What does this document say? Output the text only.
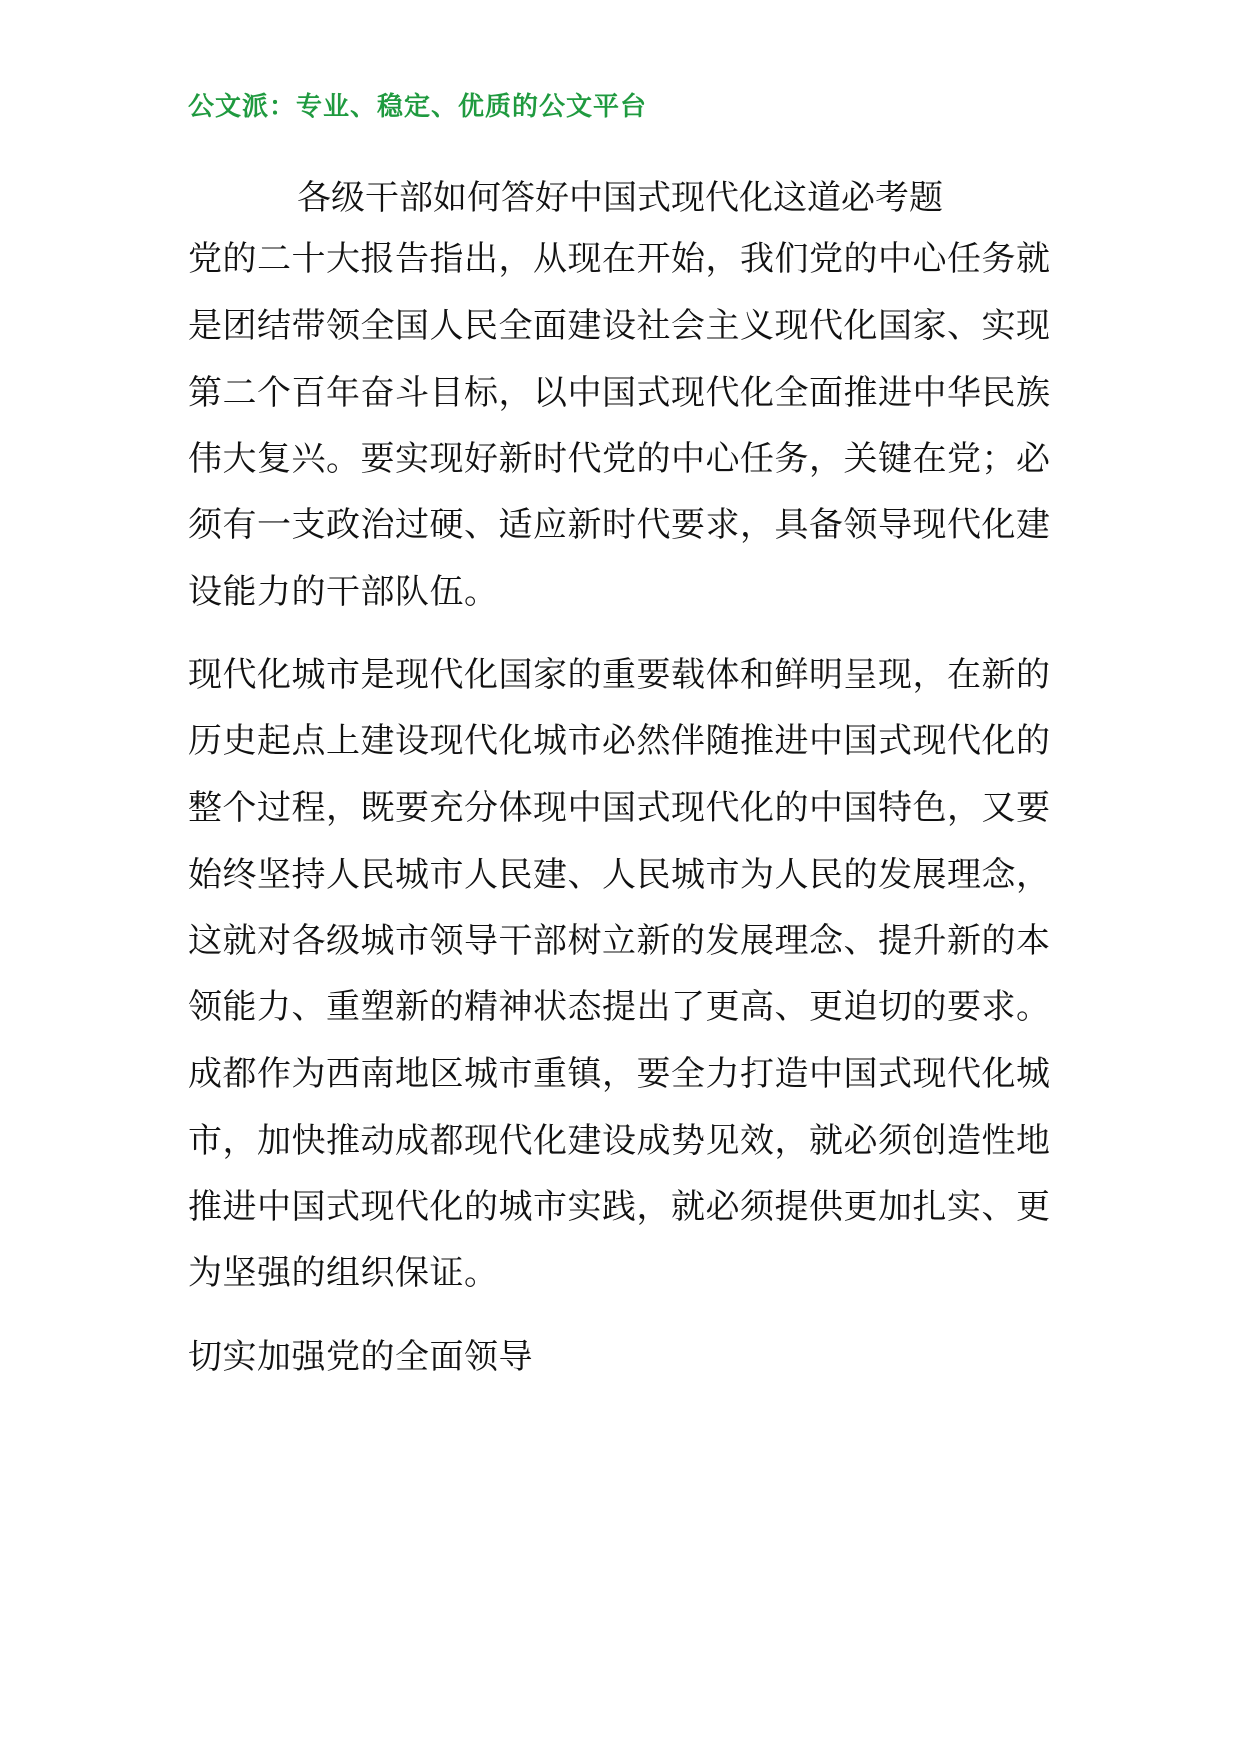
公文派：专业、稳定、优质的公文平台
各级干部如何答好中国式现代化这道必考题
党的二十大报告指出，从现在开始，我们党的中心任务就
是团结带领全国人民全面建设社会主义现代化国家、实现
第二个百年奋斗目标，以中国式现代化全面推进中华民族
伟大复兴。要实现好新时代党的中心任务，关键在党；必
须有一支政治过硬、适应新时代要求，具备领导现代化建
设能力的干部队伍。
现代化城市是现代化国家的重要载体和鲜明呈现，在新的
历史起点上建设现代化城市必然伴随推进中国式现代化的
整个过程，既要充分体现中国式现代化的中国特色，又要
始终坚持人民城市人民建、人民城市为人民的发展理念，
这就对各级城市领导干部树立新的发展理念、提升新的本
领能力、重塑新的精神状态提出了更高、更迫切的要求。
成都作为西南地区城市重镇，要全力打造中国式现代化城
市，加快推动成都现代化建设成势见效，就必须创造性地
推进中国式现代化的城市实践，就必须提供更加扎实、更
为坚强的组织保证。
切实加强党的全面领导
